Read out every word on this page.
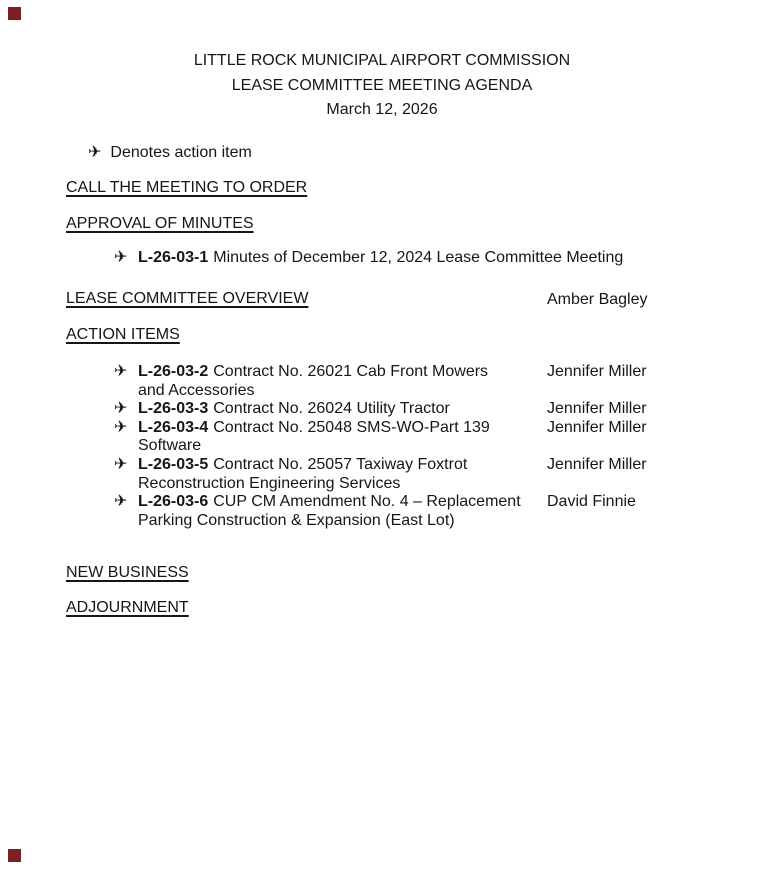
LITTLE ROCK MUNICIPAL AIRPORT COMMISSION
LEASE COMMITTEE MEETING AGENDA
March 12, 2026
✈ Denotes action item
CALL THE MEETING TO ORDER
APPROVAL OF MINUTES
✈ L-26-03-1 Minutes of December 12, 2024 Lease Committee Meeting
LEASE COMMITTEE OVERVIEW	Amber Bagley
ACTION ITEMS
✈ L-26-03-2 Contract No. 26021 Cab Front Mowers
and Accessories
Jennifer Miller
✈ L-26-03-3 Contract No. 26024 Utility Tractor	Jennifer Miller
✈ L-26-03-4 Contract No. 25048 SMS-WO-Part 139
Software
Jennifer Miller
✈ L-26-03-5 Contract No. 25057 Taxiway Foxtrot
Reconstruction Engineering Services
Jennifer Miller
✈ L-26-03-6 CUP CM Amendment No. 4 – Replacement
Parking Construction & Expansion (East Lot)
David Finnie
NEW BUSINESS
ADJOURNMENT
